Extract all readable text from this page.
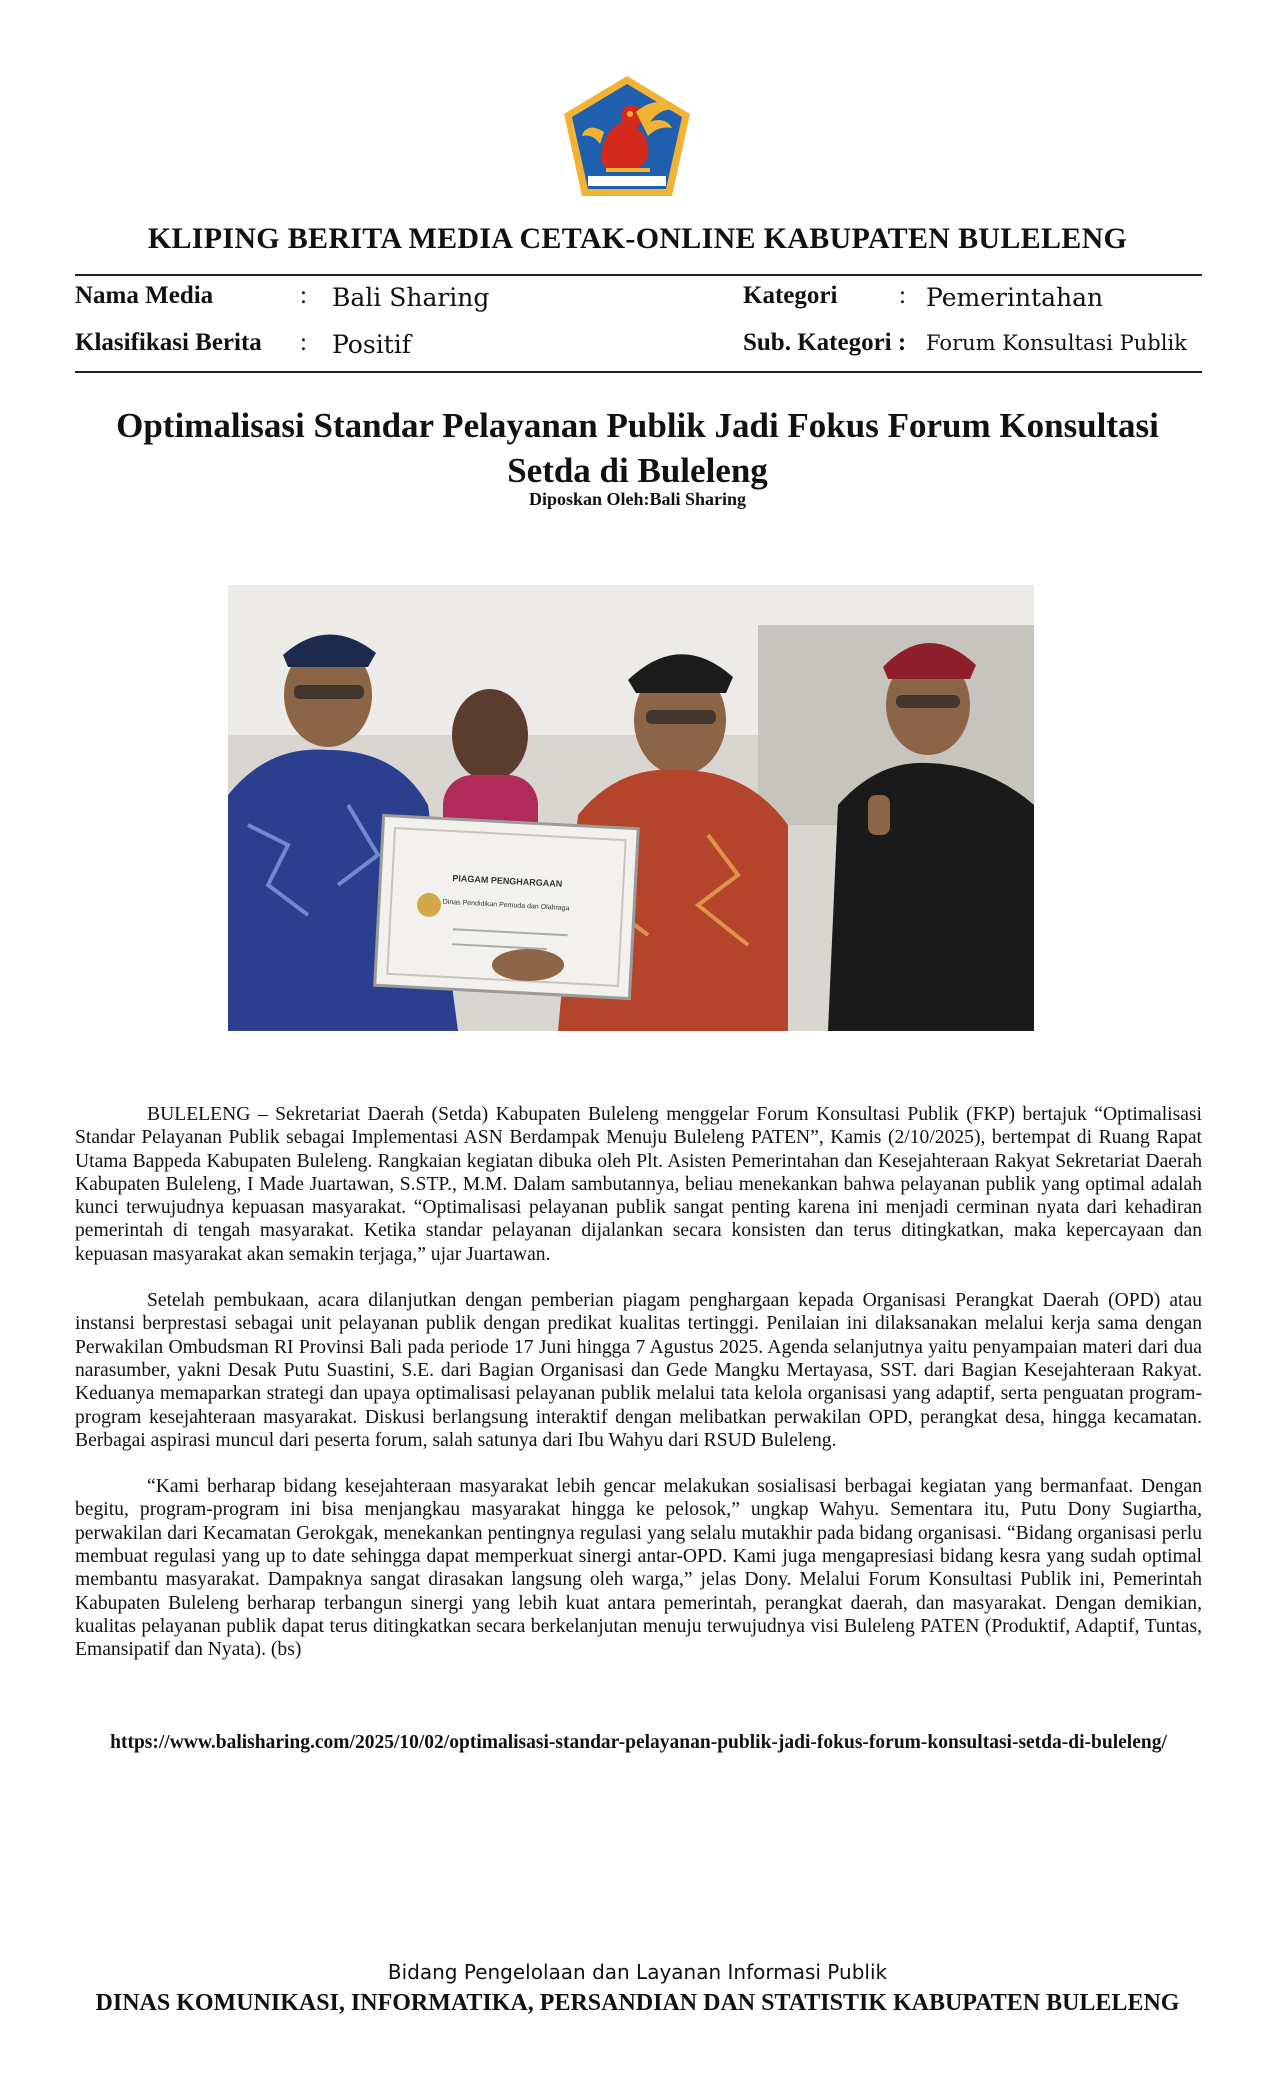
KLIPING BERITA MEDIA CETAK-ONLINE KABUPATEN BULELENG
Nama Media	: Bali Sharing
Klasifikasi Berita : Positif
Kategori : Pemerintahan
Sub. Kategori : Forum Konsultasi Publik
Optimalisasi Standar Pelayanan Publik Jadi Fokus Forum Konsultasi Setda di Buleleng
Diposkan Oleh:Bali Sharing
PIAGAM PENGHARGAAN
Dinas Pendidikan Pemuda dan Olahraga

BULELENG – Sekretariat Daerah (Setda) Kabupaten Buleleng menggelar Forum Konsultasi Publik (FKP) bertajuk “Optimalisasi Standar Pelayanan Publik sebagai Implementasi ASN Berdampak Menuju Buleleng PATEN”, Kamis (2/10/2025), bertempat di Ruang Rapat Utama Bappeda Kabupaten Buleleng. Rangkaian kegiatan dibuka oleh Plt. Asisten Pemerintahan dan Kesejahteraan Rakyat Sekretariat Daerah Kabupaten Buleleng, I Made Juartawan, S.STP., M.M. Dalam sambutannya, beliau menekankan bahwa pelayanan publik yang optimal adalah kunci terwujudnya kepuasan masyarakat. “Optimalisasi pelayanan publik sangat penting karena ini menjadi cerminan nyata dari kehadiran pemerintah di tengah masyarakat. Ketika standar pelayanan dijalankan secara konsisten dan terus ditingkatkan, maka kepercayaan dan kepuasan masyarakat akan semakin terjaga,” ujar Juartawan.

Setelah pembukaan, acara dilanjutkan dengan pemberian piagam penghargaan kepada Organisasi Perangkat Daerah (OPD) atau instansi berprestasi sebagai unit pelayanan publik dengan predikat kualitas tertinggi. Penilaian ini dilaksanakan melalui kerja sama dengan Perwakilan Ombudsman RI Provinsi Bali pada periode 17 Juni hingga 7 Agustus 2025. Agenda selanjutnya yaitu penyampaian materi dari dua narasumber, yakni Desak Putu Suastini, S.E. dari Bagian Organisasi dan Gede Mangku Mertayasa, SST. dari Bagian Kesejahteraan Rakyat. Keduanya memaparkan strategi dan upaya optimalisasi pelayanan publik melalui tata kelola organisasi yang adaptif, serta penguatan program-program kesejahteraan masyarakat. Diskusi berlangsung interaktif dengan melibatkan perwakilan OPD, perangkat desa, hingga kecamatan. Berbagai aspirasi muncul dari peserta forum, salah satunya dari Ibu Wahyu dari RSUD Buleleng.

“Kami berharap bidang kesejahteraan masyarakat lebih gencar melakukan sosialisasi berbagai kegiatan yang bermanfaat. Dengan begitu, program-program ini bisa menjangkau masyarakat hingga ke pelosok,” ungkap Wahyu. Sementara itu, Putu Dony Sugiartha, perwakilan dari Kecamatan Gerokgak, menekankan pentingnya regulasi yang selalu mutakhir pada bidang organisasi. “Bidang organisasi perlu membuat regulasi yang up to date sehingga dapat memperkuat sinergi antar-OPD. Kami juga mengapresiasi bidang kesra yang sudah optimal membantu masyarakat. Dampaknya sangat dirasakan langsung oleh warga,” jelas Dony. Melalui Forum Konsultasi Publik ini, Pemerintah Kabupaten Buleleng berharap terbangun sinergi yang lebih kuat antara pemerintah, perangkat daerah, dan masyarakat. Dengan demikian, kualitas pelayanan publik dapat terus ditingkatkan secara berkelanjutan menuju terwujudnya visi Buleleng PATEN (Produktif, Adaptif, Tuntas, Emansipatif dan Nyata). (bs)

https://www.balisharing.com/2025/10/02/optimalisasi-standar-pelayanan-publik-jadi-fokus-forum-konsultasi-setda-di-buleleng/
Bidang Pengelolaan dan Layanan Informasi Publik
DINAS KOMUNIKASI, INFORMATIKA, PERSANDIAN DAN STATISTIK KABUPATEN BULELENG
